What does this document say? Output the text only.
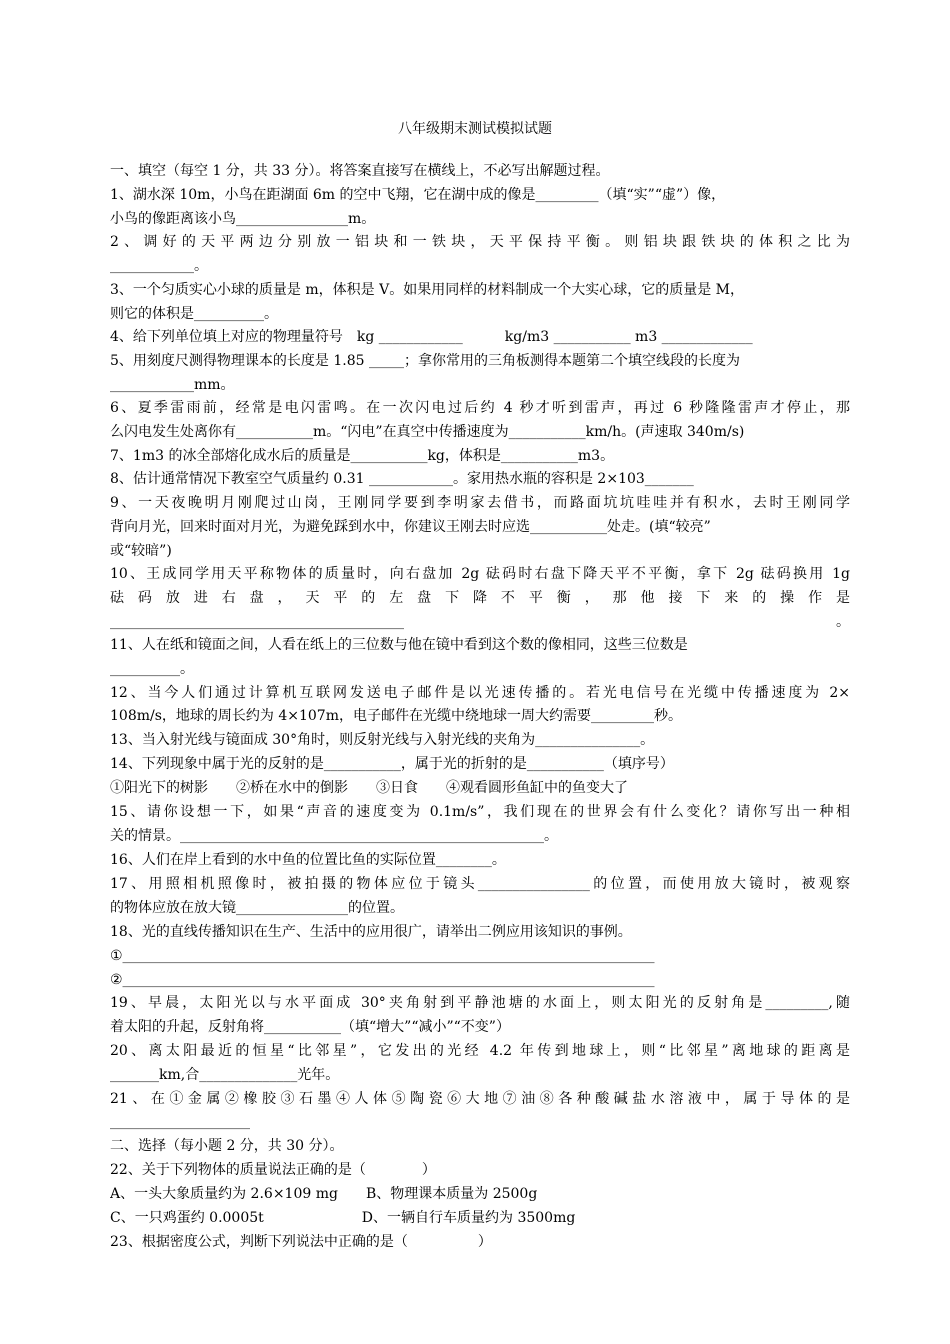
八年级期末测试模拟试题
一、填空（每空 1 分，共 33 分）。将答案直接写在横线上，不必写出解题过程。
1、湖水深 10m，小鸟在距湖面 6m 的空中飞翔，它在湖中成的像是_________（填“实”“虚”）像，
小鸟的像距离该小鸟________________m。
2、调好的天平两边分别放一铝块和一铁块，天平保持平衡。则铝块跟铁块的体积之比为
____________。
3、一个匀质实心小球的质量是 m，体积是 V。如果用同样的材料制成一个大实心球，它的质量是 M，
则它的体积是__________。
4、给下列单位填上对应的物理量符号　kg ____________　　　kg/m3 ___________ m3 _____________
5、用刻度尺测得物理课本的长度是 1.85 _____；拿你常用的三角板测得本题第二个填空线段的长度为
____________mm。
6、夏季雷雨前，经常是电闪雷鸣。在一次闪电过后约 4 秒才听到雷声，再过 6 秒隆隆雷声才停止，那
么闪电发生处离你有___________m。“闪电”在真空中传播速度为___________km/h。(声速取 340m/s)
7、1m3 的冰全部熔化成水后的质量是___________kg，体积是___________m3。
8、估计通常情况下教室空气质量约 0.31 ____________。家用热水瓶的容积是 2×103_______
9、一天夜晚明月刚爬过山岗，王刚同学要到李明家去借书，而路面坑坑哇哇并有积水，去时王刚同学
背向月光，回来时面对月光，为避免踩到水中，你建议王刚去时应选___________处走。(填“较亮”
或“较暗”)
10、王成同学用天平称物体的质量时，向右盘加 2g 砝码时右盘下降天平不平衡，拿下 2g 砝码换用 1g
砝码放进右盘，天平的左盘下降不平衡，那他接下来的操作是
__________________________________________。
11、人在纸和镜面之间，人看在纸上的三位数与他在镜中看到这个数的像相同，这些三位数是
__________。
12、当今人们通过计算机互联网发送电子邮件是以光速传播的。若光电信号在光缆中传播速度为 2×
108m/s，地球的周长约为 4×107m，电子邮件在光缆中绕地球一周大约需要_________秒。
13、当入射光线与镜面成 30°角时，则反射光线与入射光线的夹角为_______________。
14、下列现象中属于光的反射的是___________，属于光的折射的是___________（填序号）
①阳光下的树影　　②桥在水中的倒影　　③日食　　④观看圆形鱼缸中的鱼变大了
15、请你设想一下，如果“声音的速度变为 0.1m/s”，我们现在的世界会有什么变化？请你写出一种相
关的情景。____________________________________________________。
16、人们在岸上看到的水中鱼的位置比鱼的实际位置________。
17、用照相机照像时，被拍摄的物体应位于镜头________________的位置，而使用放大镜时，被观察
的物体应放在放大镜________________的位置。
18、光的直线传播知识在生产、生活中的应用很广，请举出二例应用该知识的事例。
①____________________________________________________________________________
②____________________________________________________________________________
19、早晨，太阳光以与水平面成 30°夹角射到平静池塘的水面上，则太阳光的反射角是_________,随
着太阳的升起，反射角将___________（填“增大”“减小”“不变”）
20、离太阳最近的恒星“比邻星”，它发出的光经 4.2 年传到地球上，则“比邻星”离地球的距离是
_______km,合______________光年。
21、在①金属②橡胶③石墨④人体⑤陶瓷⑥大地⑦油⑧各种酸碱盐水溶液中，属于导体的是
____________________
二、选择（每小题 2 分，共 30 分）。
22、关于下列物体的质量说法正确的是（　　　　）
A、一头大象质量约为 2.6×109 mg　　B、物理课本质量为 2500g
C、一只鸡蛋约 0.0005t　　　　　　　D、一辆自行车质量约为 3500mg
23、根据密度公式，判断下列说法中正确的是（　　　　　）
